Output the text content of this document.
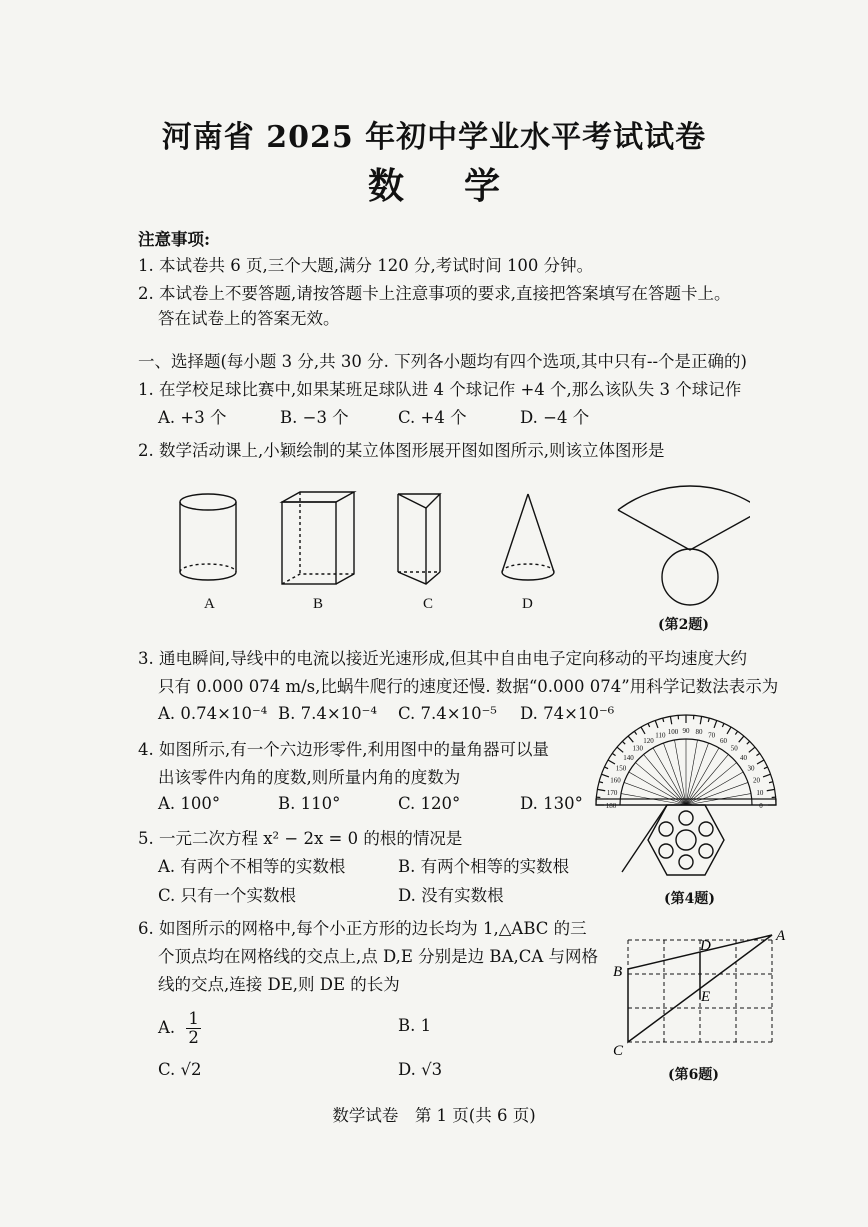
河南省 2025 年初中学业水平考试试卷
数学
注意事项:
1. 本试卷共 6 页,三个大题,满分 120 分,考试时间 100 分钟。
2. 本试卷上不要答题,请按答题卡上注意事项的要求,直接把答案填写在答题卡上。
答在试卷上的答案无效。
一、选择题(每小题 3 分,共 30 分. 下列各小题均有四个选项,其中只有--个是正确的)
1. 在学校足球比赛中,如果某班足球队进 4 个球记作 +4 个,那么该队失 3 个球记作
A. +3 个	B. −3 个	C. +4 个	D. −4 个
2. 数学活动课上,小颖绘制的某立体图形展开图如图所示,则该立体图形是
A	B	C	D
(第2题)
3. 通电瞬间,导线中的电流以接近光速形成,但其中自由电子定向移动的平均速度大约
只有 0.000 074 m/s,比蜗牛爬行的速度还慢. 数据“0.000 074”用科学记数法表示为
A. 0.74×10⁻⁴ B. 7.4×10⁻⁴ C. 7.4×10⁻⁵ D. 74×10⁻⁶
4. 如图所示,有一个六边形零件,利用图中的量角器可以量
出该零件内角的度数,则所量内角的度数为
A. 100°	B. 110°	C. 120°	D. 130°	0
10
20
30
40
50
60
70
80
90
100
110
120
130
140
150
160
170
180
(第4题)
5. 一元二次方程 x² − 2x = 0 的根的情况是
A. 有两个不相等的实数根	B. 有两个相等的实数根
C. 只有一个实数根	D. 没有实数根
6. 如图所示的网格中,每个小正方形的边长均为 1,△ABC 的三
个顶点均在网格线的交点上,点 D,E 分别是边 BA,CA 与网格
线的交点,连接 DE,则 DE 的长为
A. $\frac{1}{2}$	B. 1
C. √2	D. √3
A
B
C
D
E
(第6题)
数学试卷　第 1 页(共 6 页)
